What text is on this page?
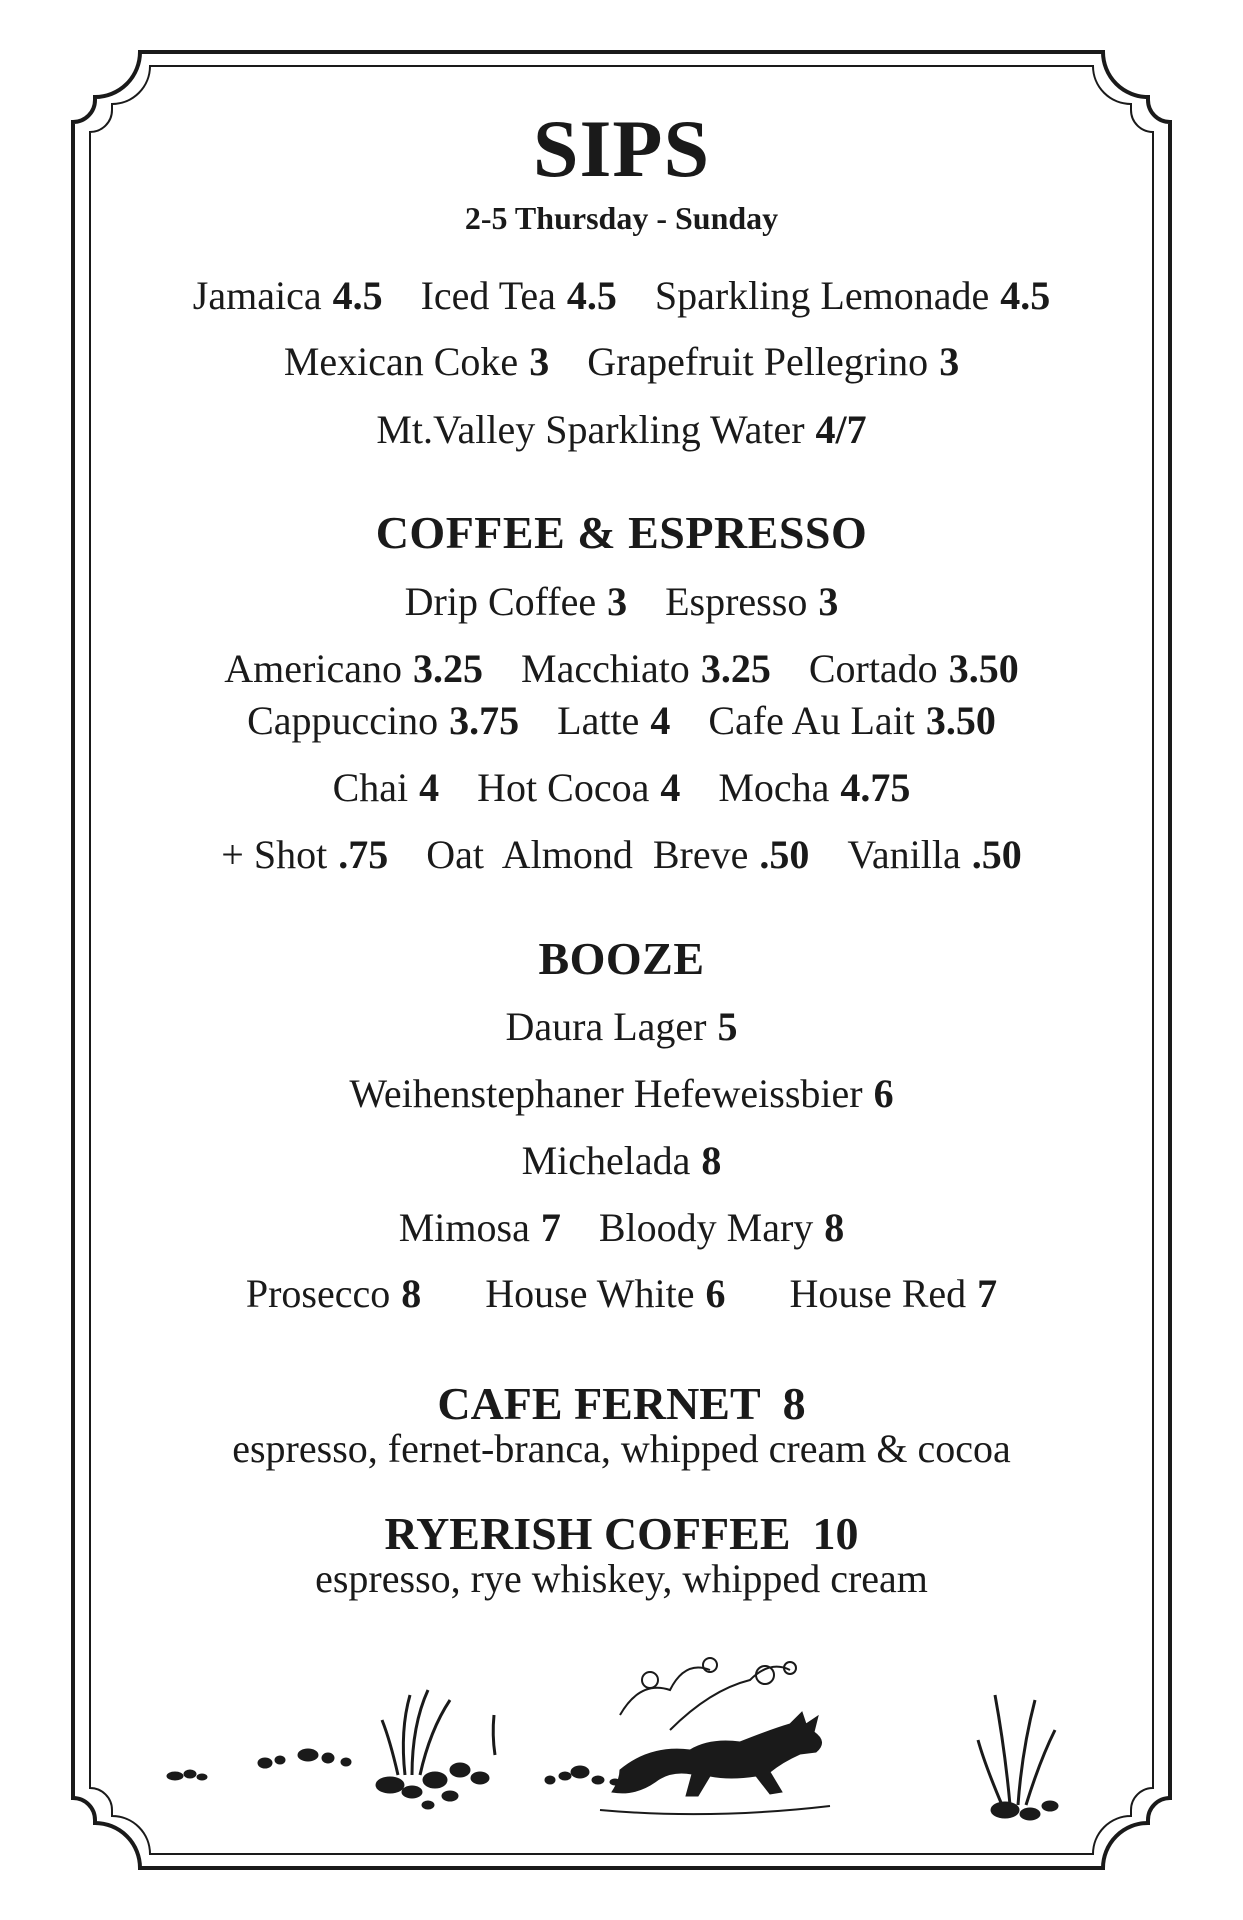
SIPS

2-5 Thursday - Sunday

Jamaica 4.5 Iced Tea 4.5 Sparkling Lemonade 4.5
Mexican Coke 3 Grapefruit Pellegrino 3
Mt.Valley Sparkling Water 4/7
COFFEE & ESPRESSO
Drip Coffee 3 Espresso 3
Americano 3.25 Macchiato 3.25 Cortado 3.50
Cappuccino 3.75 Latte 4 Cafe Au Lait 3.50
Chai 4 Hot Cocoa 4 Mocha 4.75
+ Shot .75 Oat  Almond  Breve .50 Vanilla .50
BOOZE
Daura Lager 5
Weihenstephaner Hefeweissbier 6
Michelada 8
Mimosa 7 Bloody Mary 8
Prosecco 8 House White 6 House Red 7
CAFE FERNET 8

espresso, fernet-branca, whipped cream & cocoa

RYERISH COFFEE 10

espresso, rye whiskey, whipped cream
